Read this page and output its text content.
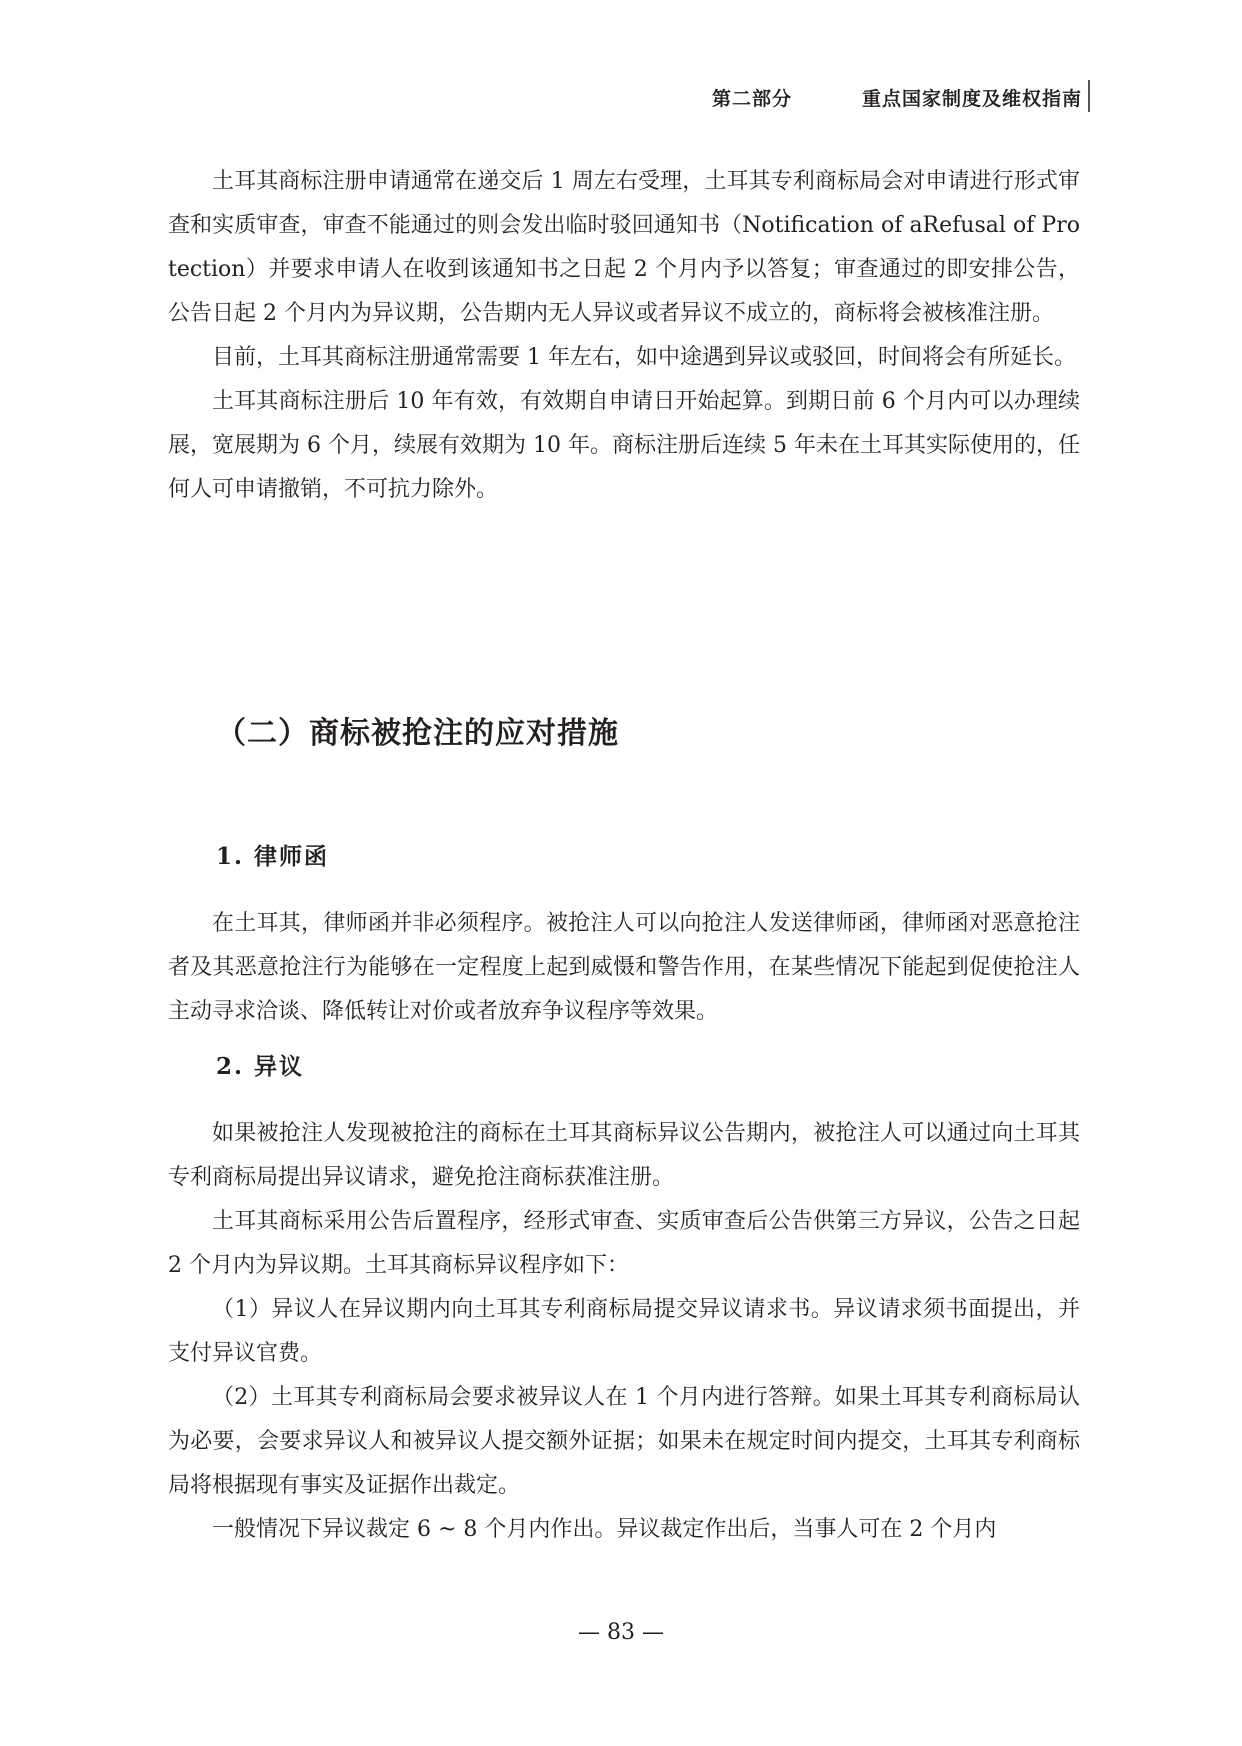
第二部分	重点国家制度及维权指南

土耳其商标注册申请通常在递交后 1 周左右受理，土耳其专利商标局会对申请进行形式审查和实质审查，审查不能通过的则会发出临时驳回通知书（Notification of aRefusal of Protection）并要求申请人在收到该通知书之日起 2 个月内予以答复；审查通过的即安排公告，公告日起 2 个月内为异议期，公告期内无人异议或者异议不成立的，商标将会被核准注册。

目前，土耳其商标注册通常需要 1 年左右，如中途遇到异议或驳回，时间将会有所延长。

土耳其商标注册后 10 年有效，有效期自申请日开始起算。到期日前 6 个月内可以办理续展，宽展期为 6 个月，续展有效期为 10 年。商标注册后连续 5 年未在土耳其实际使用的，任何人可申请撤销，不可抗力除外。

（二）商标被抢注的应对措施
1. 律师函

在土耳其，律师函并非必须程序。被抢注人可以向抢注人发送律师函，律师函对恶意抢注者及其恶意抢注行为能够在一定程度上起到威慑和警告作用，在某些情况下能起到促使抢注人主动寻求洽谈、降低转让对价或者放弃争议程序等效果。

2. 异议

如果被抢注人发现被抢注的商标在土耳其商标异议公告期内，被抢注人可以通过向土耳其专利商标局提出异议请求，避免抢注商标获准注册。

土耳其商标采用公告后置程序，经形式审查、实质审查后公告供第三方异议，公告之日起 2 个月内为异议期。土耳其商标异议程序如下：

（1）异议人在异议期内向土耳其专利商标局提交异议请求书。异议请求须书面提出，并支付异议官费。

（2）土耳其专利商标局会要求被异议人在 1 个月内进行答辩。如果土耳其专利商标局认为必要，会要求异议人和被异议人提交额外证据；如果未在规定时间内提交，土耳其专利商标局将根据现有事实及证据作出裁定。

一般情况下异议裁定 6 ~ 8 个月内作出。异议裁定作出后，当事人可在 2 个月内

— 83 —
